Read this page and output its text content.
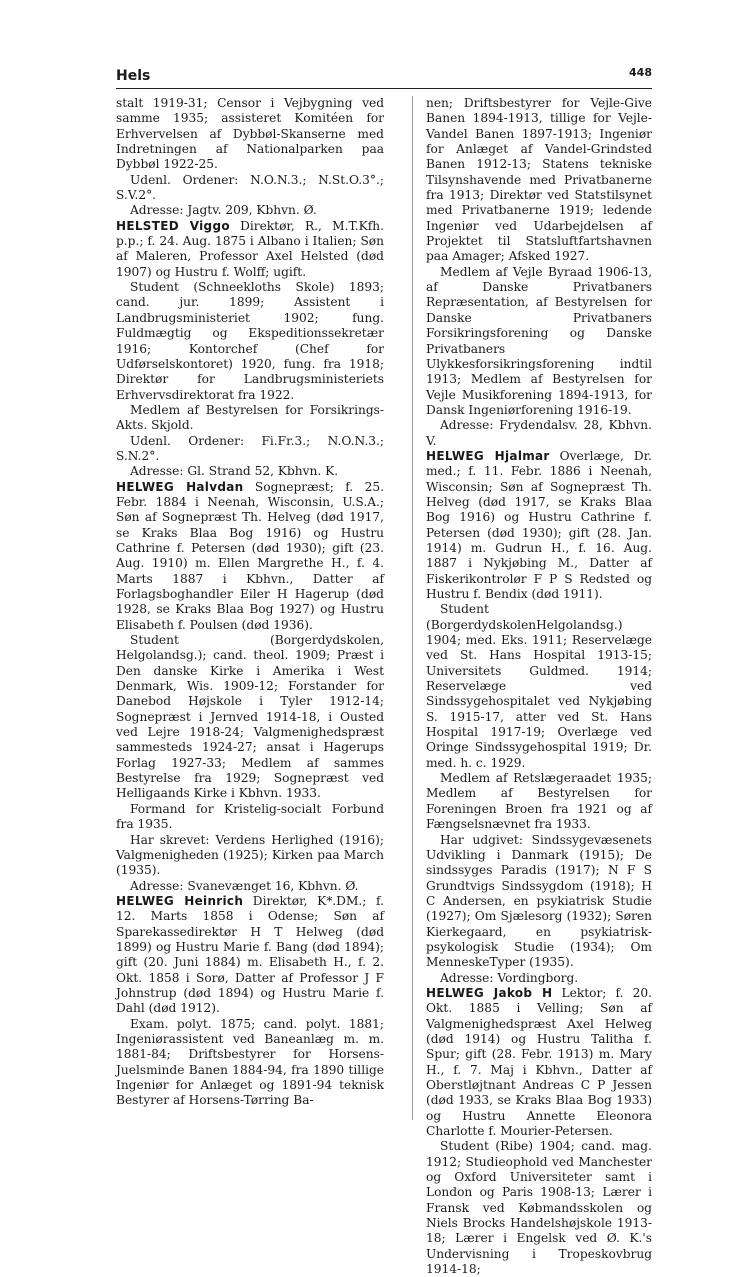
Hels	448

stalt 1919-31; Censor i Vejbygning ved samme 1935; assisteret Komitéen for Erhvervelsen af Dybbøl-Skanserne med Indretningen af Nationalparken paa Dybbøl 1922-25.

Udenl. Ordener: N.O.N.3.; N.St.O.3°.; S.V.2°.

Adresse: Jagtv. 209, Kbhvn. Ø.

HELSTED Viggo Direktør, R., M.T.Kfh. p.p.; f. 24. Aug. 1875 i Albano i Italien; Søn af Maleren, Professor Axel Helsted (død 1907) og Hustru f. Wolff; ugift.

Student (Schneekloths Skole) 1893; cand. jur. 1899; Assistent i Landbrugsministeriet 1902; fung. Fuldmægtig og Ekspeditionssekretær 1916; Kontorchef (Chef for Udførselskontoret) 1920, fung. fra 1918; Direktør for Landbrugsministeriets Erhvervsdirektorat fra 1922.

Medlem af Bestyrelsen for Forsikrings-Akts. Skjold.

Udenl. Ordener: Fi.Fr.3.; N.O.N.3.; S.N.2°.

Adresse: Gl. Strand 52, Kbhvn. K.

HELWEG Halvdan Sognepræst; f. 25. Febr. 1884 i Neenah, Wisconsin, U.S.A.; Søn af Sognepræst Th. Helveg (død 1917, se Kraks Blaa Bog 1916) og Hustru Cathrine f. Petersen (død 1930); gift (23. Aug. 1910) m. Ellen Margrethe H., f. 4. Marts 1887 i Kbhvn., Datter af Forlagsboghandler Eiler H Hagerup (død 1928, se Kraks Blaa Bog 1927) og Hustru Elisabeth f. Poulsen (død 1936).

Student (Borgerdydskolen, Helgolandsg.); cand. theol. 1909; Præst i Den danske Kirke i Amerika i West Denmark, Wis. 1909-12; Forstander for Danebod Højskole i Tyler 1912-14; Sognepræst i Jernved 1914-18, i Ousted ved Lejre 1918-24; Valgmenighedspræst sammesteds 1924-27; ansat i Hagerups Forlag 1927-33; Medlem af sammes Bestyrelse fra 1929; Sognepræst ved Helligaands Kirke i Kbhvn. 1933.

Formand for Kristelig-socialt Forbund fra 1935.

Har skrevet: Verdens Herlighed (1916); Valgmenigheden (1925); Kirken paa March (1935).

Adresse: Svanevænget 16, Kbhvn. Ø.

HELWEG Heinrich Direktør, K*.DM.; f. 12. Marts 1858 i Odense; Søn af Sparekassedirektør H T Helweg (død 1899) og Hustru Marie f. Bang (død 1894); gift (20. Juni 1884) m. Elisabeth H., f. 2. Okt. 1858 i Sorø, Datter af Professor J F Johnstrup (død 1894) og Hustru Marie f. Dahl (død 1912).

Exam. polyt. 1875; cand. polyt. 1881; Ingeniørassistent ved Baneanlæg m. m. 1881-84; Driftsbestyrer for Horsens-Juelsminde Banen 1884-94, fra 1890 tillige Ingeniør for Anlæget og 1891-94 teknisk Bestyrer af Horsens-Tørring Ba-

nen; Driftsbestyrer for Vejle-Give Banen 1894-1913, tillige for Vejle-Vandel Banen 1897-1913; Ingeniør for Anlæget af Vandel-Grindsted Banen 1912-13; Statens tekniske Tilsynshavende med Privatbanerne fra 1913; Direktør ved Statstilsynet med Privatbanerne 1919; ledende Ingeniør ved Udarbejdelsen af Projektet til Statsluftfartshavnen paa Amager; Afsked 1927.

Medlem af Vejle Byraad 1906-13, af Danske Privatbaners Repræsentation, af Bestyrelsen for Danske Privatbaners Forsikringsforening og Danske Privatbaners Ulykkesforsikringsforening indtil 1913; Medlem af Bestyrelsen for Vejle Musikforening 1894-1913, for Dansk Ingeniørforening 1916-19.

Adresse: Frydendalsv. 28, Kbhvn. V.

HELWEG Hjalmar Overlæge, Dr. med.; f. 11. Febr. 1886 i Neenah, Wisconsin; Søn af Sognepræst Th. Helveg (død 1917, se Kraks Blaa Bog 1916) og Hustru Cathrine f. Petersen (død 1930); gift (28. Jan. 1914) m. Gudrun H., f. 16. Aug. 1887 i Nykjøbing M., Datter af Fiskerikontrolør F P S Redsted og Hustru f. Bendix (død 1911).

Student (BorgerdydskolenHelgolandsg.) 1904; med. Eks. 1911; Reservelæge ved St. Hans Hospital 1913-15; Universitets Guldmed. 1914; Reservelæge ved Sindssygehospitalet ved Nykjøbing S. 1915-17, atter ved St. Hans Hospital 1917-19; Overlæge ved Oringe Sindssygehospital 1919; Dr. med. h. c. 1929.

Medlem af Retslægeraadet 1935; Medlem af Bestyrelsen for Foreningen Broen fra 1921 og af Fængselsnævnet fra 1933.

Har udgivet: Sindssygevæsenets Udvikling i Danmark (1915); De sindssyges Paradis (1917); N F S Grundtvigs Sindssygdom (1918); H C Andersen, en psykiatrisk Studie (1927); Om Sjælesorg (1932); Søren Kierkegaard, en psykiatrisk-psykologisk Studie (1934); Om MenneskeTyper (1935).

Adresse: Vordingborg.

HELWEG Jakob H Lektor; f. 20. Okt. 1885 i Velling; Søn af Valgmenighedspræst Axel Helweg (død 1914) og Hustru Talitha f. Spur; gift (28. Febr. 1913) m. Mary H., f. 7. Maj i Kbhvn., Datter af Oberstløjtnant Andreas C P Jessen (død 1933, se Kraks Blaa Bog 1933) og Hustru Annette Eleonora Charlotte f. Mourier-Petersen.

Student (Ribe) 1904; cand. mag. 1912; Studieophold ved Manchester og Oxford Universiteter samt i London og Paris 1908-13; Lærer i Fransk ved Købmandsskolen og Niels Brocks Handelshøjskole 1913-18; Lærer i Engelsk ved Ø. K.'s Undervisning i Tropeskovbrug 1914-18;
